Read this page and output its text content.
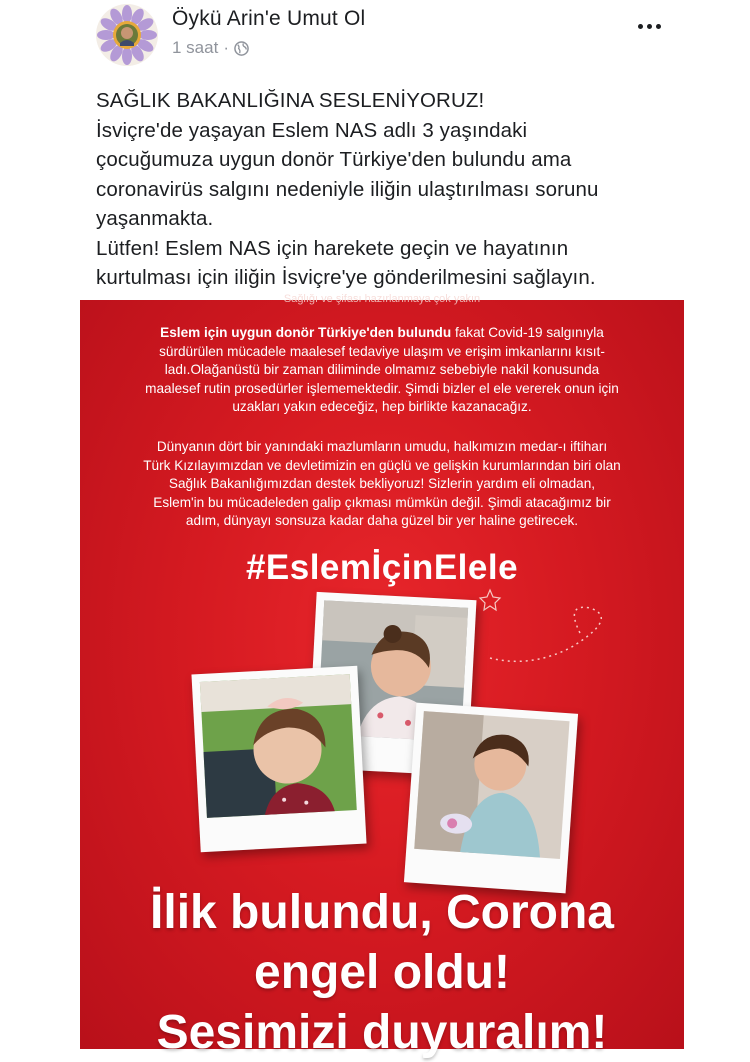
Öykü Arin'e Umut Ol
1 saat ·

SAĞLIK BAKANLIĞINA SESLENİYORUZ!

İsviçre'de yaşayan Eslem NAS adlı 3 yaşındaki

çocuğumuza uygun donör Türkiye'den bulundu ama

coronavirüs salgını nedeniyle iliğin ulaştırılması sorunu

yaşanmakta.

Lütfen! Eslem NAS için harekete geçin ve hayatının

kurtulması için iliğin İsviçre'ye gönderilmesini sağlayın.

Sağlığı ve şifası hazırlanmaya çok yakın
Eslem için uygun donör Türkiye'den bulundu fakat Covid-19 salgınıyla
sürdürülen mücadele maalesef tedaviye ulaşım ve erişim imkanlarını kısıt-
ladı.Olağanüstü bir zaman diliminde olmamız sebebiyle nakil konusunda
maalesef rutin prosedürler işlememektedir. Şimdi bizler el ele vererek onun için
uzakları yakın edeceğiz, hep birlikte kazanacağız.
Dünyanın dört bir yanındaki mazlumların umudu, halkımızın medar-ı iftiharı
Türk Kızılayımızdan ve devletimizin en güçlü ve gelişkin kurumlarından biri olan
Sağlık Bakanlığımızdan destek bekliyoruz! Sizlerin yardım eli olmadan,
Eslem'in bu mücadeleden galip çıkması mümkün değil. Şimdi atacağımız bir
adım, dünyayı sonsuza kadar daha güzel bir yer haline getirecek.
#EslemİçinElele
İlik bulundu, Corona
engel oldu!
Sesimizi duyuralım!
